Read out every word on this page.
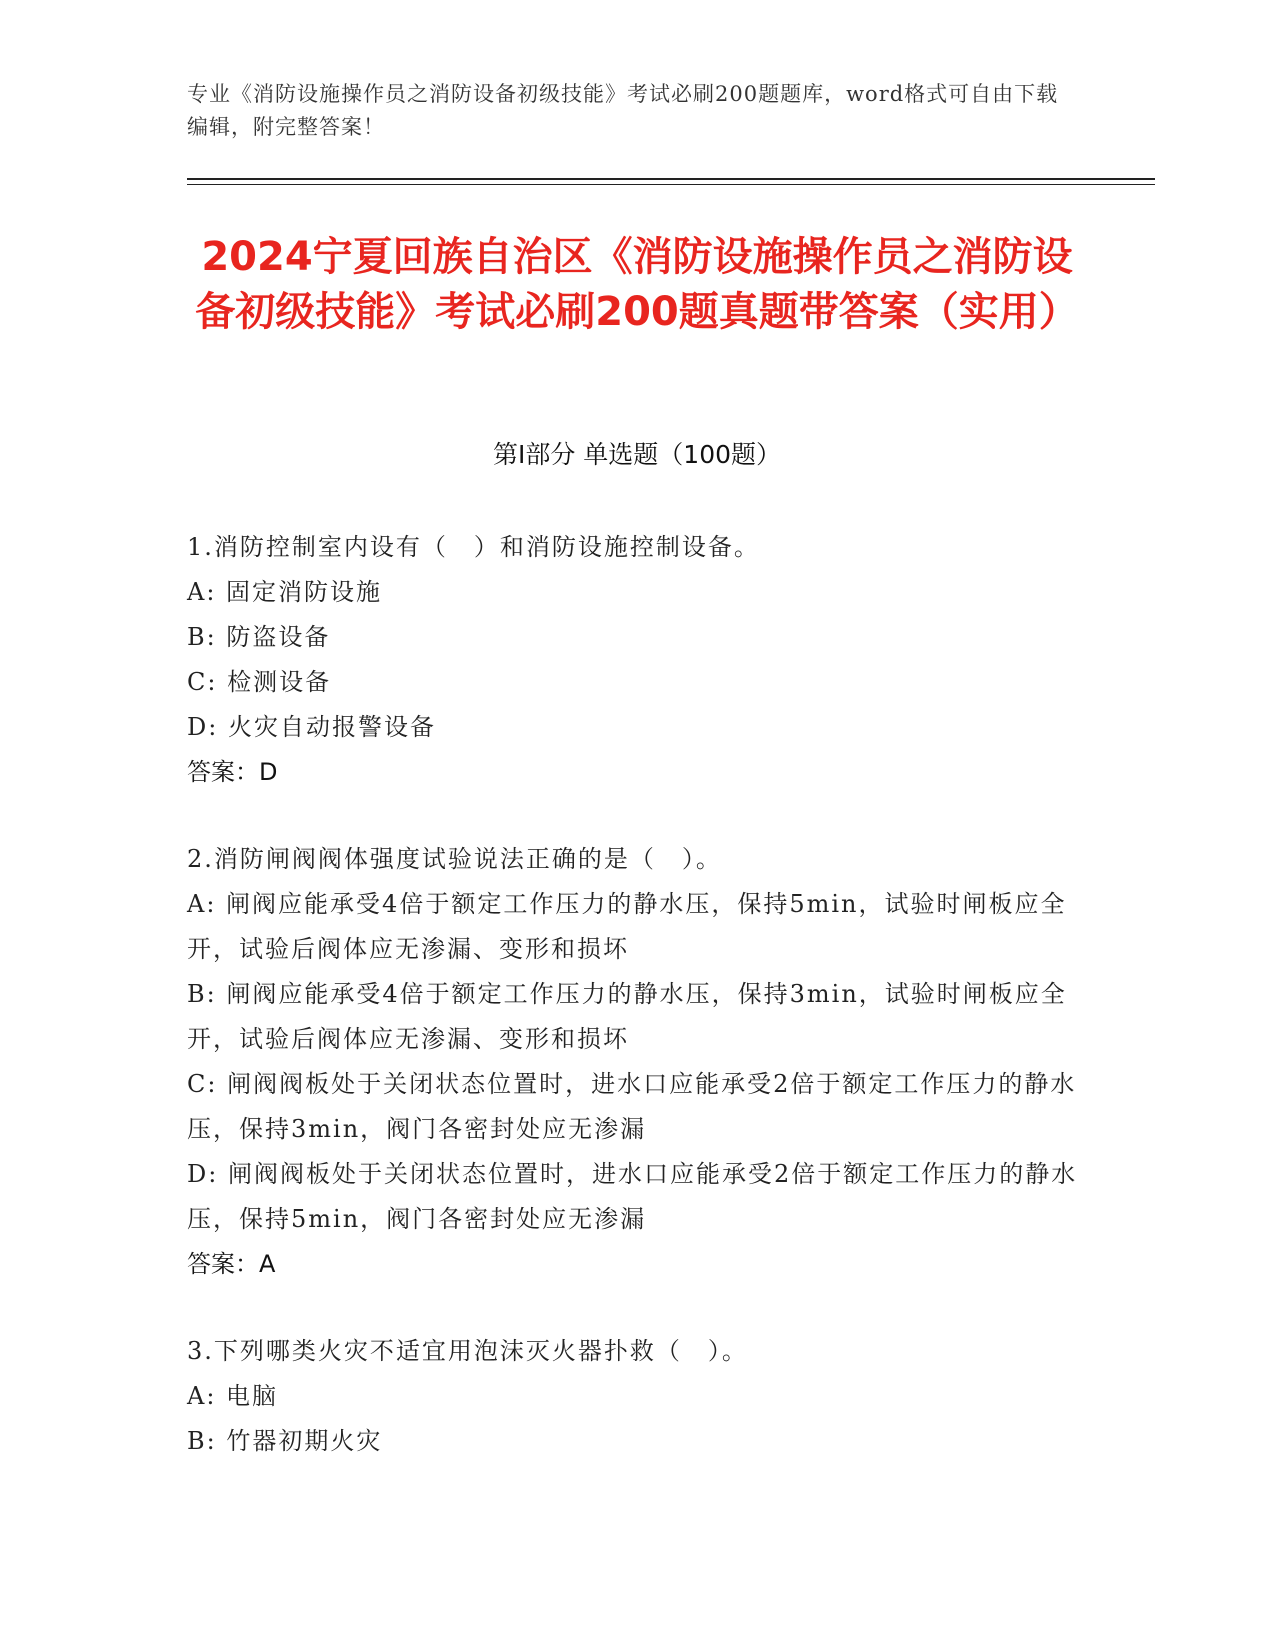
专业《消防设施操作员之消防设备初级技能》考试必刷200题题库，word格式可自由下载编辑，附完整答案！
2024宁夏回族自治区《消防设施操作员之消防设备初级技能》考试必刷200题真题带答案（实用）
第Ⅰ部分 单选题（100题）
1.消防控制室内设有（　）和消防设施控制设备。
A: 固定消防设施
B: 防盗设备
C: 检测设备
D: 火灾自动报警设备
答案：D
2.消防闸阀阀体强度试验说法正确的是（　）。
A: 闸阀应能承受4倍于额定工作压力的静水压，保持5min，试验时闸板应全开，试验后阀体应无渗漏、变形和损坏
B: 闸阀应能承受4倍于额定工作压力的静水压，保持3min，试验时闸板应全开，试验后阀体应无渗漏、变形和损坏
C: 闸阀阀板处于关闭状态位置时，进水口应能承受2倍于额定工作压力的静水压，保持3min，阀门各密封处应无渗漏
D: 闸阀阀板处于关闭状态位置时，进水口应能承受2倍于额定工作压力的静水压，保持5min，阀门各密封处应无渗漏
答案：A
3.下列哪类火灾不适宜用泡沫灭火器扑救（　）。
A: 电脑
B: 竹器初期火灾
